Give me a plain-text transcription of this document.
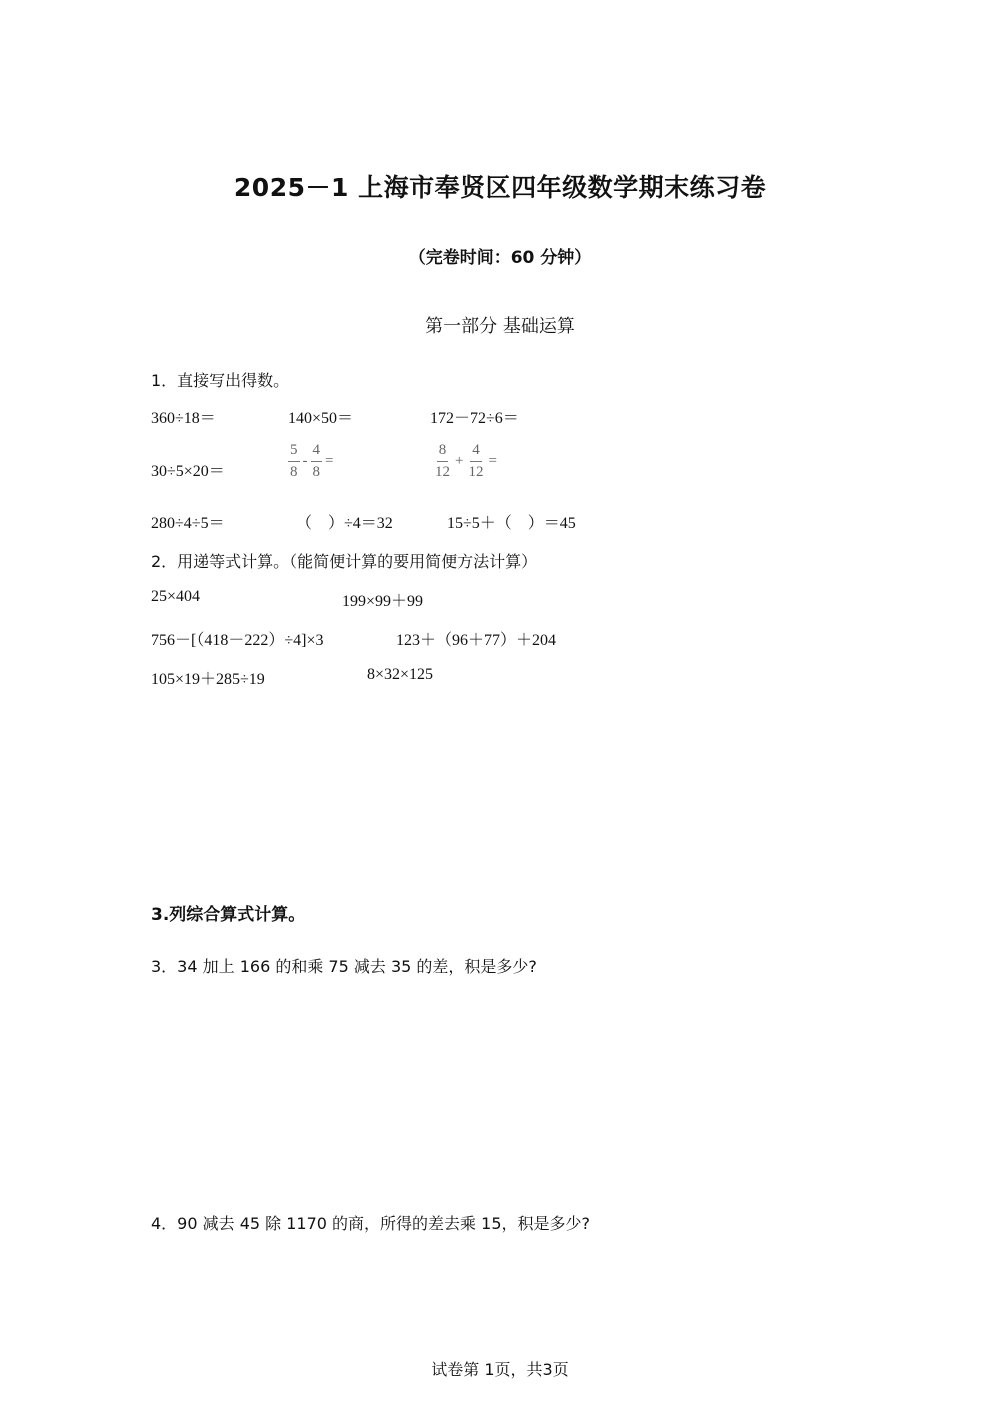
2025－1 上海市奉贤区四年级数学期末练习卷
（完卷时间：60 分钟）
第一部分 基础运算
1．直接写出得数。
360÷18＝	140×50＝	172－72÷6＝
30÷5×20＝	$\frac{5}{8} - \frac{4}{8}$ =	$\frac{8}{12} + \frac{4}{12}$ =
280÷4÷5＝	（　）÷4＝32	15÷5＋（　）＝45
2．用递等式计算。（能简便计算的要用简便方法计算）
25×404	199×99＋99
756－[（418－222）÷4]×3	123＋（96＋77）＋204
105×19＋285÷19	8×32×125
3.列综合算式计算。
3．34 加上 166 的和乘 75 减去 35 的差，积是多少?
4．90 减去 45 除 1170 的商，所得的差去乘 15，积是多少?
试卷第 1页，共3页
